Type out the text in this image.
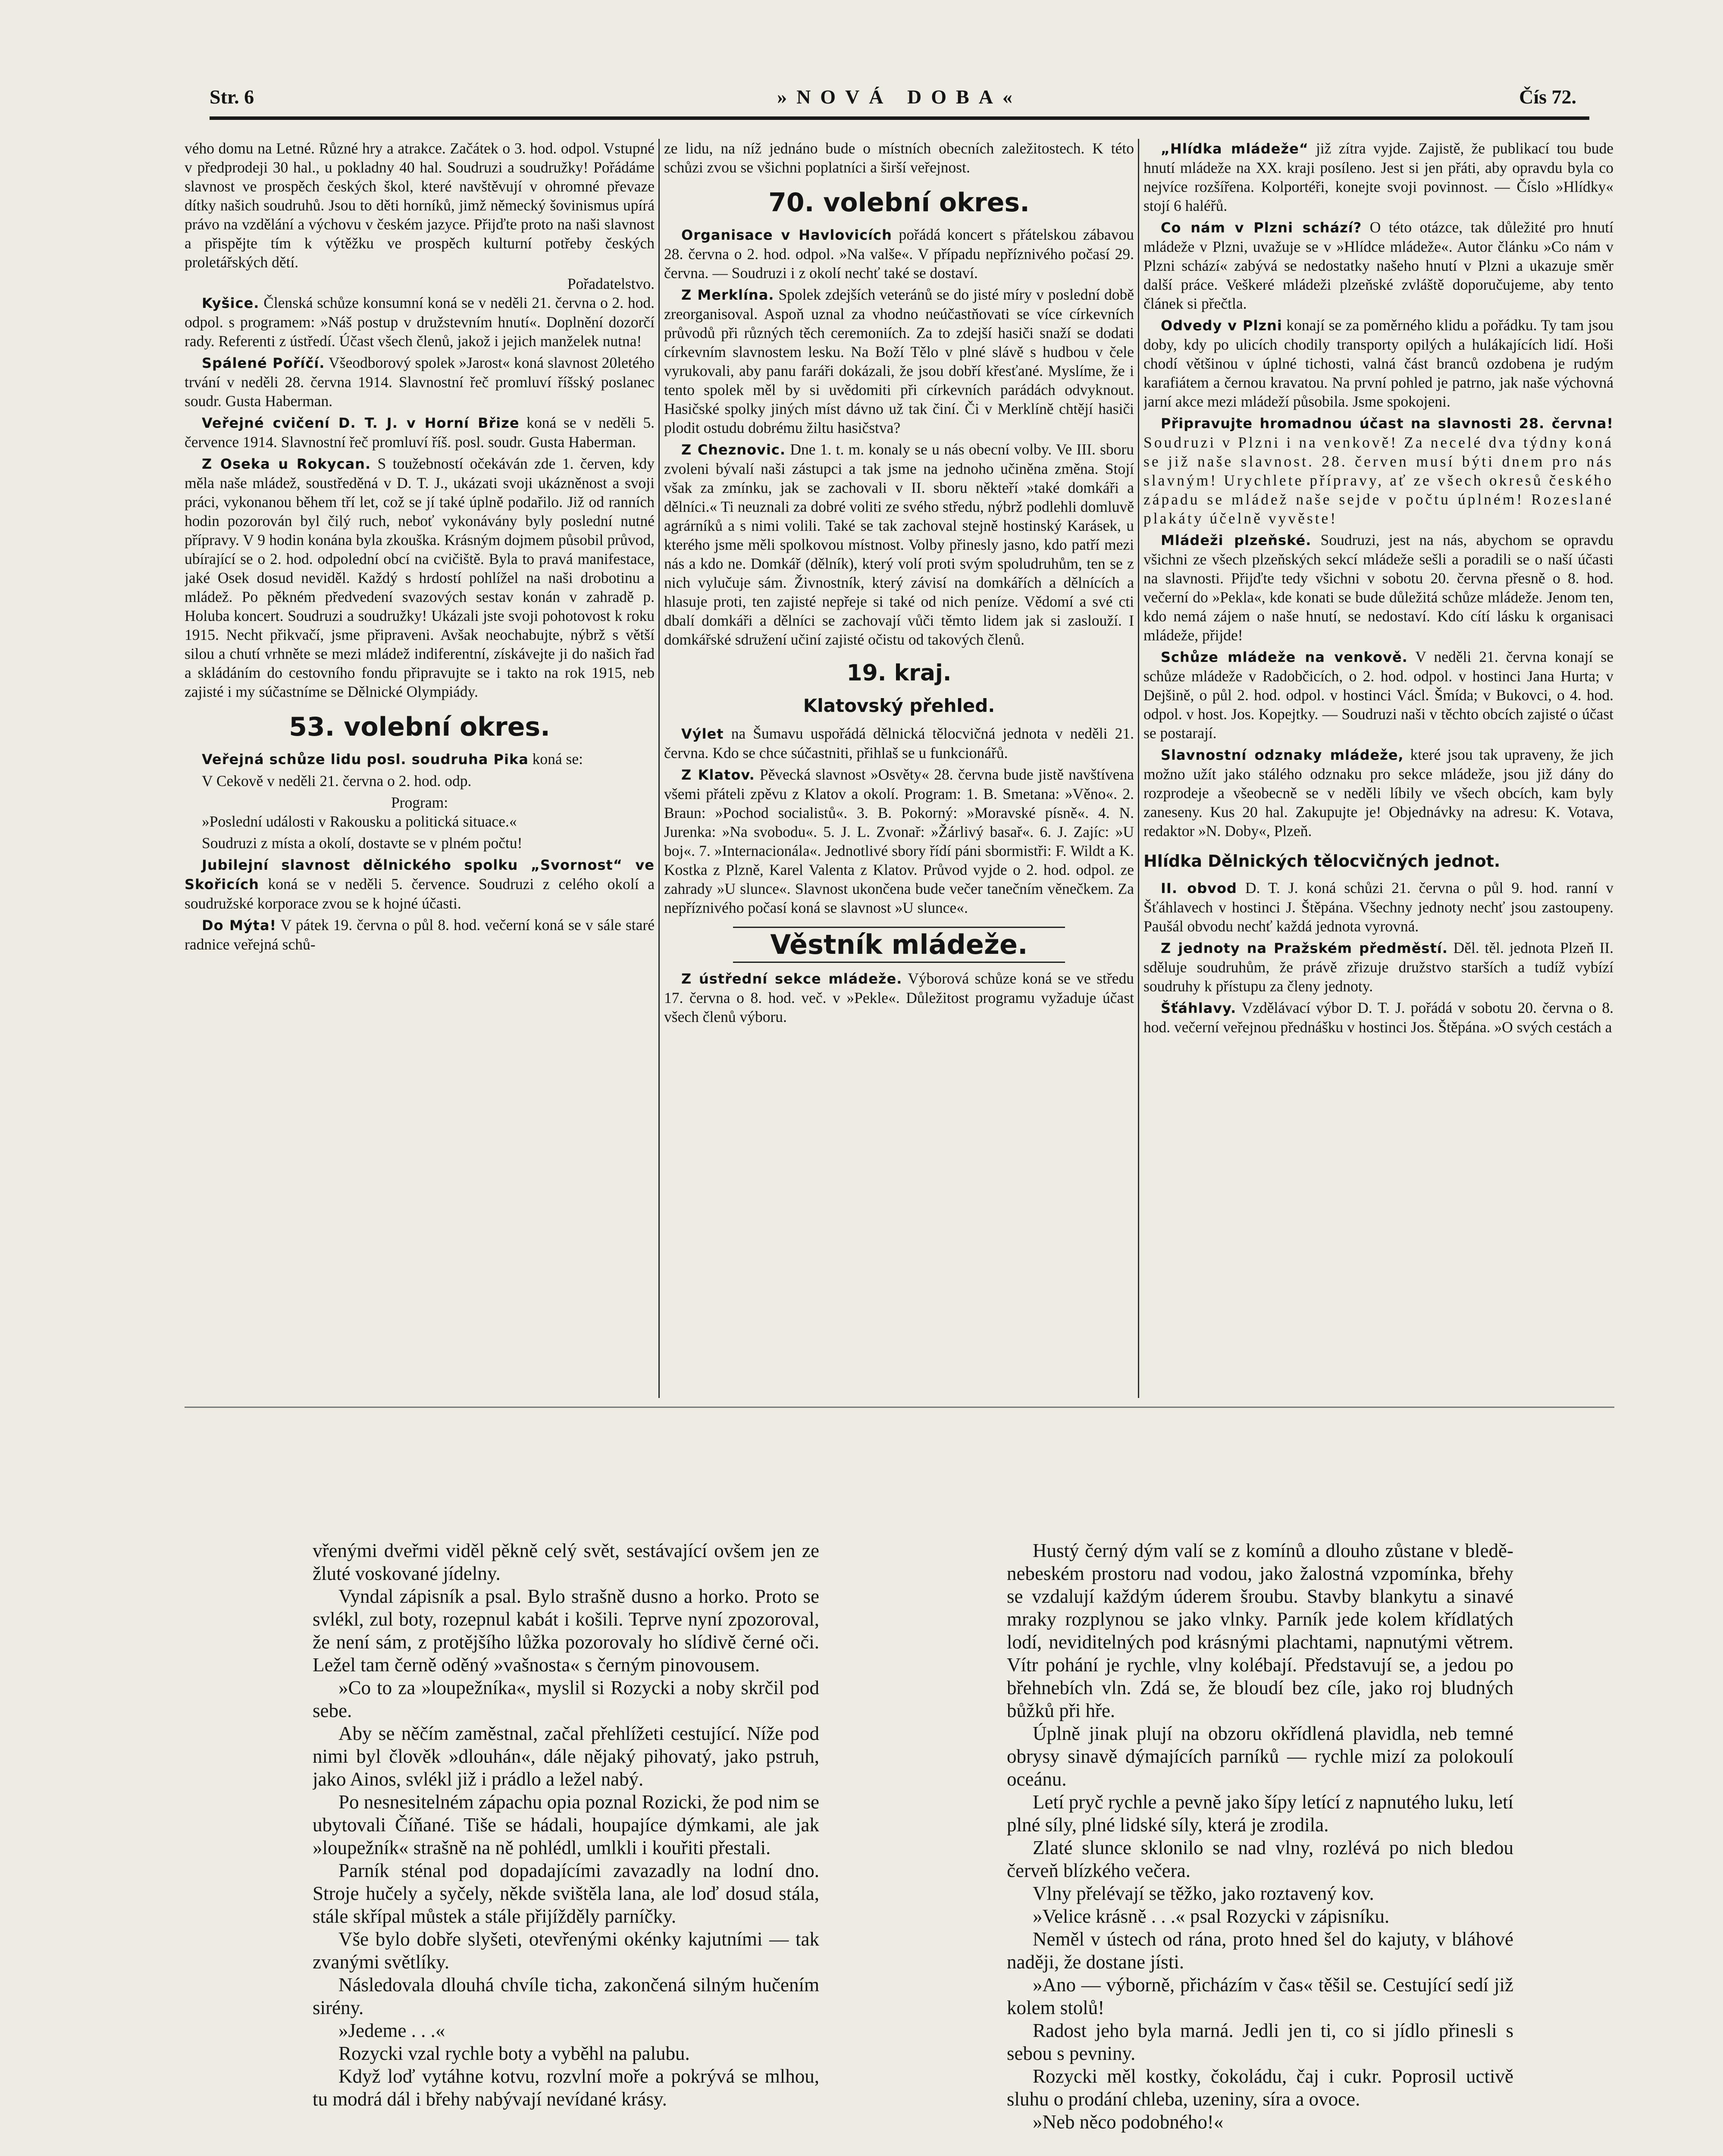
Str. 6	»NOVÁ DOBA«	Čís 72.

vého domu na Letné. Různé hry a atrakce. Začátek o 3. hod. odpol. Vstupné v předprodeji 30 hal., u pokladny 40 hal. Soudruzi a soudružky! Pořádáme slavnost ve prospěch českých škol, které navštěvují v ohromné převaze dítky našich soudruhů. Jsou to děti horníků, jimž německý šovinismus upírá právo na vzdělání a výchovu v českém jazyce. Přijďte proto na naši slavnost a přispějte tím k výtěžku ve prospěch kulturní potřeby českých proletářských dětí.

Pořadatelstvo.

Kyšice. Členská schůze konsumní koná se v neděli 21. června o 2. hod. odpol. s programem: »Náš postup v družstevním hnutí«. Doplnění dozorčí rady. Referenti z ústředí. Účast všech členů, jakož i jejich manželek nutna!

Spálené Poříčí. Všeodborový spolek »Jarost« koná slavnost 20letého trvání v neděli 28. června 1914. Slavnostní řeč promluví říšský poslanec soudr. Gusta Haberman.

Veřejné cvičení D. T. J. v Horní Břize koná se v neděli 5. července 1914. Slavnostní řeč promluví říš. posl. soudr. Gusta Haberman.

Z Oseka u Rokycan. S toužebností očekáván zde 1. červen, kdy měla naše mládež, soustředěná v D. T. J., ukázati svoji ukázněnost a svoji práci, vykonanou během tří let, což se jí také úplně podařilo. Již od ranních hodin pozorován byl čilý ruch, neboť vykonávány byly poslední nutné přípravy. V 9 hodin konána byla zkouška. Krásným dojmem působil průvod, ubírající se o 2. hod. odpolední obcí na cvičiště. Byla to pravá manifestace, jaké Osek dosud neviděl. Každý s hrdostí pohlížel na naši drobotinu a mládež. Po pěkném předvedení svazových sestav konán v zahradě p. Holuba koncert. Soudruzi a soudružky! Ukázali jste svoji pohotovost k roku 1915. Necht přikvačí, jsme připraveni. Avšak neochabujte, nýbrž s větší silou a chutí vrhněte se mezi mládež indiferentní, získávejte ji do našich řad a skládáním do cestovního fondu připravujte se i takto na rok 1915, neb zajisté i my súčastníme se Dělnické Olympiády.

53. volební okres.

Veřejná schůze lidu posl. soudruha Pika koná se:

V Cekově v neděli 21. června o 2. hod. odp.

Program:

»Poslední události v Rakousku a politická situace.«

Soudruzi z místa a okolí, dostavte se v plném počtu!

Jubilejní slavnost dělnického spolku „Svornost“ ve Skořicích koná se v neděli 5. července. Soudruzi z celého okolí a soudružské korporace zvou se k hojné účasti.

Do Mýta! V pátek 19. června o půl 8. hod. večerní koná se v sále staré radnice veřejná schů-

ze lidu, na níž jednáno bude o místních obecních zaležitostech. K této schůzi zvou se všichni poplatníci a širší veřejnost.

70. volební okres.

Organisace v Havlovicích pořádá koncert s přátelskou zábavou 28. června o 2. hod. odpol. »Na valše«. V případu nepříznivého počasí 29. června. — Soudruzi i z okolí nechť také se dostaví.

Z Merklína. Spolek zdejších veteránů se do jisté míry v poslední době zreorganisoval. Aspoň uznal za vhodno neúčastňovati se více církevních průvodů při různých těch ceremoniích. Za to zdejší hasiči snaží se dodati církevním slavnostem lesku. Na Boží Tělo v plné slávě s hudbou v čele vyrukovali, aby panu faráři dokázali, že jsou dobří křesťané. Myslíme, že i tento spolek měl by si uvědomiti při církevních parádách odvyknout. Hasičské spolky jiných míst dávno už tak činí. Či v Merklíně chtějí hasiči plodit ostudu dobrému žiltu hasičstva?

Z Cheznovic. Dne 1. t. m. konaly se u nás obecní volby. Ve III. sboru zvoleni bývalí naši zástupci a tak jsme na jednoho učiněna změna. Stojí však za zmínku, jak se zachovali v II. sboru někteří »také domkáři a dělníci.« Ti neuznali za dobré voliti ze svého středu, nýbrž podlehli domluvě agrárníků a s nimi volili. Také se tak zachoval stejně hostinský Karásek, u kterého jsme měli spolkovou místnost. Volby přinesly jasno, kdo patří mezi nás a kdo ne. Domkář (dělník), který volí proti svým spoludruhům, ten se z nich vylučuje sám. Živnostník, který závisí na domkářích a dělnících a hlasuje proti, ten zajisté nepřeje si také od nich peníze. Vědomí a své cti dbalí domkáři a dělníci se zachovají vůči těmto lidem jak si zaslouží. I domkářské sdružení učiní zajisté očistu od takových členů.

19. kraj.
Klatovský přehled.

Výlet na Šumavu uspořádá dělnická tělocvičná jednota v neděli 21. června. Kdo se chce súčastniti, přihlaš se u funkcionářů.

Z Klatov. Pěvecká slavnost »Osvěty« 28. června bude jistě navštívena všemi přáteli zpěvu z Klatov a okolí. Program: 1. B. Smetana: »Věno«. 2. Braun: »Pochod socialistů«. 3. B. Pokorný: »Moravské písně«. 4. N. Jurenka: »Na svobodu«. 5. J. L. Zvonař: »Žárlivý basař«. 6. J. Zajíc: »U boj«. 7. »Internacionála«. Jednotlivé sbory řídí páni sbormistři: F. Wildt a K. Kostka z Plzně, Karel Valenta z Klatov. Průvod vyjde o 2. hod. odpol. ze zahrady »U slunce«. Slavnost ukončena bude večer tanečním věnečkem. Za nepříznivého počasí koná se slavnost »U slunce«.

Věstník mládeže.

Z ústřední sekce mládeže. Výborová schůze koná se ve středu 17. června o 8. hod. več. v »Pekle«. Důležitost programu vyžaduje účast všech členů výboru.

„Hlídka mládeže“ již zítra vyjde. Zajistě, že publikací tou bude hnutí mládeže na XX. kraji posíleno. Jest si jen přáti, aby opravdu byla co nejvíce rozšířena. Kolportéři, konejte svoji povinnost. — Číslo »Hlídky« stojí 6 haléřů.

Co nám v Plzni schází? O této otázce, tak důležité pro hnutí mládeže v Plzni, uvažuje se v »Hlídce mládeže«. Autor článku »Co nám v Plzni schází« zabývá se nedostatky našeho hnutí v Plzni a ukazuje směr další práce. Veškeré mládeži plzeňské zvláště doporučujeme, aby tento článek si přečtla.

Odvedy v Plzni konají se za poměrného klidu a pořádku. Ty tam jsou doby, kdy po ulicích chodily transporty opilých a hulákajících lidí. Hoši chodí většinou v úplné tichosti, valná část branců ozdobena je rudým karafiátem a černou kravatou. Na první pohled je patrno, jak naše výchovná jarní akce mezi mládeží působila. Jsme spokojeni.

Připravujte hromadnou účast na slavnosti 28. června! Soudruzi v Plzni i na venkově! Za necelé dva týdny koná se již naše slavnost. 28. červen musí býti dnem pro nás slavným! Urychlete přípravy, ať ze všech okresů českého západu se mládež naše sejde v počtu úplném! Rozeslané plakáty účelně vyvěste!

Mládeži plzeňské. Soudruzi, jest na nás, abychom se opravdu všichni ze všech plzeňských sekcí mládeže sešli a poradili se o naší účasti na slavnosti. Přijďte tedy všichni v sobotu 20. června přesně o 8. hod. večerní do »Pekla«, kde konati se bude důležitá schůze mládeže. Jenom ten, kdo nemá zájem o naše hnutí, se nedostaví. Kdo cítí lásku k organisaci mládeže, přijde!

Schůze mládeže na venkově. V neděli 21. června konají se schůze mládeže v Radobčicích, o 2. hod. odpol. v hostinci Jana Hurta; v Dejšině, o půl 2. hod. odpol. v hostinci Václ. Šmída; v Bukovci, o 4. hod. odpol. v host. Jos. Kopejtky. — Soudruzi naši v těchto obcích zajisté o účast se postarají.

Slavnostní odznaky mládeže, které jsou tak upraveny, že jich možno užít jako stálého odznaku pro sekce mládeže, jsou již dány do rozprodeje a všeobecně se v neděli líbily ve všech obcích, kam byly zaneseny. Kus 20 hal. Zakupujte je! Objednávky na adresu: K. Votava, redaktor »N. Doby«, Plzeň.

Hlídka Dělnických tělocvičných jednot.

II. obvod D. T. J. koná schůzi 21. června o půl 9. hod. ranní v Šťáhlavech v hostinci J. Štěpána. Všechny jednoty nechť jsou zastoupeny. Paušál obvodu nechť každá jednota vyrovná.

Z jednoty na Pražském předměstí. Děl. těl. jednota Plzeň II. sděluje soudruhům, že právě zřizuje družstvo starších a tudíž vybízí soudruhy k přístupu za členy jednoty.

Šťáhlavy. Vzdělávací výbor D. T. J. pořádá v sobotu 20. června o 8. hod. večerní veřejnou přednášku v hostinci Jos. Štěpána. »O svých cestách a

vřenými dveřmi viděl pěkně celý svět, sestávající ovšem jen ze žluté voskované jídelny.

Vyndal zápisník a psal. Bylo strašně dusno a horko. Proto se svlékl, zul boty, rozepnul kabát i košili. Teprve nyní zpozoroval, že není sám, z protějšího lůžka pozorovaly ho slídivě černé oči. Ležel tam černě oděný »vašnosta« s černým pinovousem.

»Co to za »loupežníka«, myslil si Rozycki a noby skrčil pod sebe.

Aby se něčím zaměstnal, začal přehlížeti cestující. Níže pod nimi byl člověk »dlouhán«, dále nějaký pihovatý, jako pstruh, jako Ainos, svlékl již i prádlo a ležel nabý.

Po nesnesitelném zápachu opia poznal Rozicki, že pod nim se ubytovali Číňané. Tiše se hádali, houpajíce dýmkami, ale jak »loupežník« strašně na ně pohlédl, umlkli i kouřiti přestali.

Parník sténal pod dopadajícími zavazadly na lodní dno. Stroje hučely a syčely, někde svištěla lana, ale loď dosud stála, stále skřípal můstek a stále přijížděly parníčky.

Vše bylo dobře slyšeti, otevřenými okénky kajutními — tak zvanými světlíky.

Následovala dlouhá chvíle ticha, zakončená silným hučením sirény.

»Jedeme . . .«

Rozycki vzal rychle boty a vyběhl na palubu.

Když loď vytáhne kotvu, rozvlní moře a pokrývá se mlhou, tu modrá dál i břehy nabývají nevídané krásy.

Hustý černý dým valí se z komínů a dlouho zůstane v bledě-nebeském prostoru nad vodou, jako žalostná vzpomínka, břehy se vzdalují každým úderem šroubu. Stavby blankytu a sinavé mraky rozplynou se jako vlnky. Parník jede kolem křídlatých lodí, neviditelných pod krásnými plachtami, napnutými větrem. Vítr pohání je rychle, vlny kolébají. Představují se, a jedou po břehnebích vln. Zdá se, že bloudí bez cíle, jako roj bludných bůžků při hře.

Úplně jinak plují na obzoru okřídlená plavidla, neb temné obrysy sinavě dýmajících parníků — rychle mizí za polokoulí oceánu.

Letí pryč rychle a pevně jako šípy letící z napnutého luku, letí plné síly, plné lidské síly, která je zrodila.

Zlaté slunce sklonilo se nad vlny, rozlévá po nich bledou červeň blízkého večera.

Vlny přelévají se těžko, jako roztavený kov.

»Velice krásně . . .« psal Rozycki v zápisníku.

Neměl v ústech od rána, proto hned šel do kajuty, v bláhové naději, že dostane jísti.

»Ano — výborně, přicházím v čas« těšil se. Cestující sedí již kolem stolů!

Radost jeho byla marná. Jedli jen ti, co si jídlo přinesli s sebou s pevniny.

Rozycki měl kostky, čokoládu, čaj i cukr. Poprosil uctivě sluhu o prodání chleba, uzeniny, síra a ovoce.

»Neb něco podobného!«
